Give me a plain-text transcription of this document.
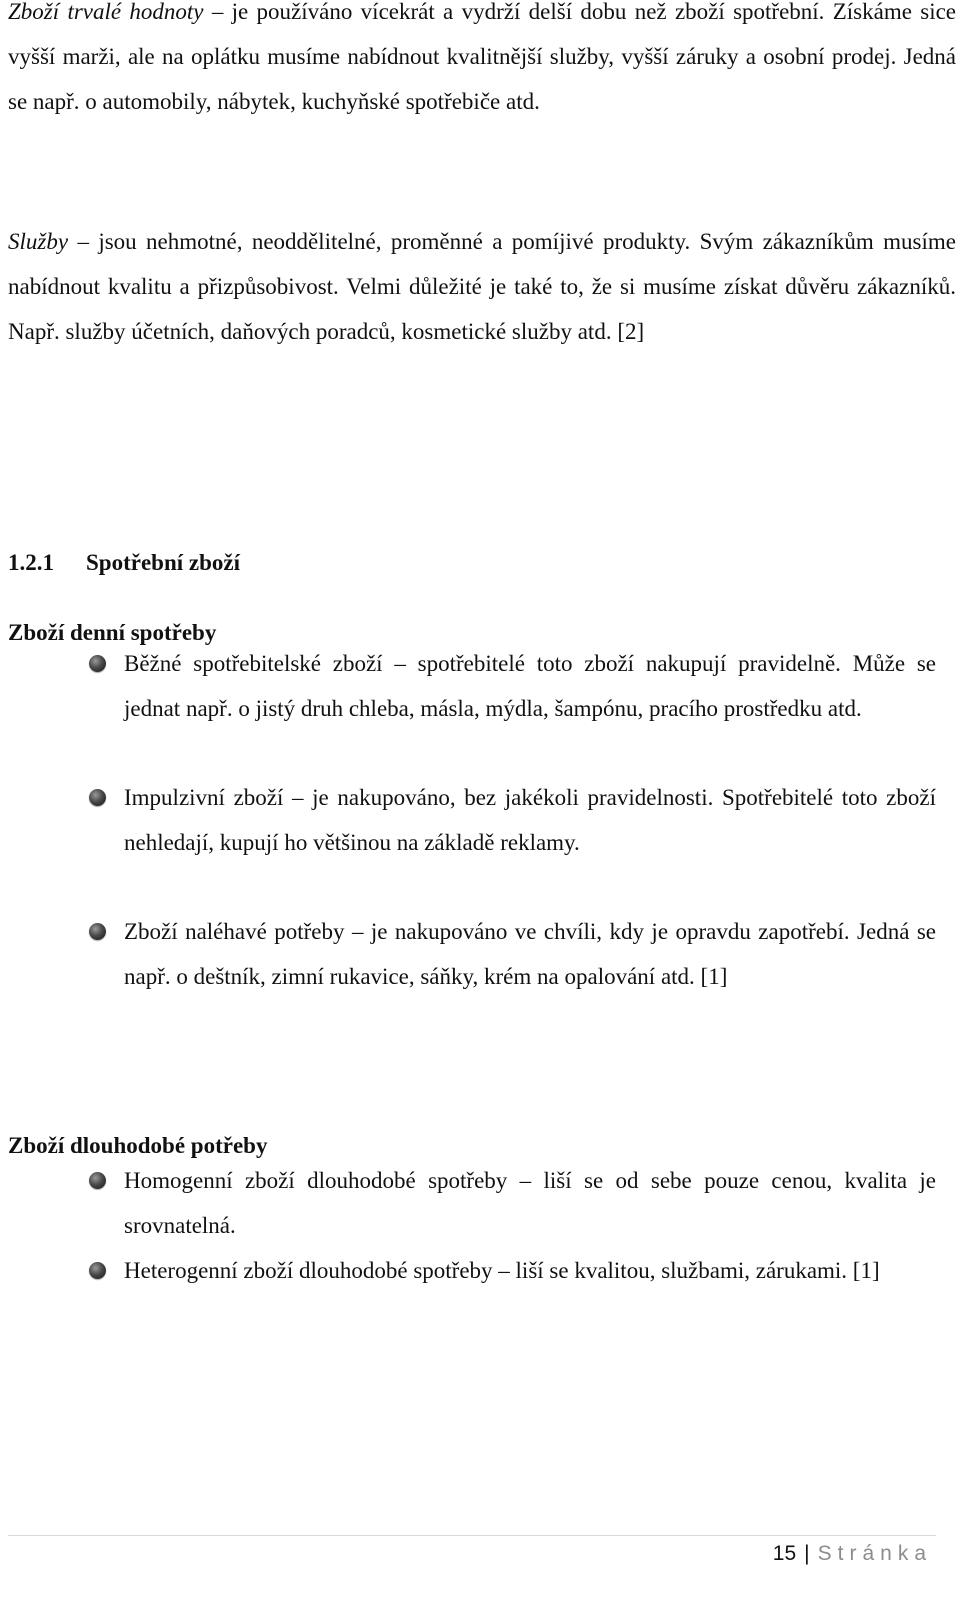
Zboží trvalé hodnoty – je používáno vícekrát a vydrží delší dobu než zboží spotřební. Získáme sice vyšší marži, ale na oplátku musíme nabídnout kvalitnější služby, vyšší záruky a osobní prodej. Jedná se např. o automobily, nábytek, kuchyňské spotřebiče atd.

Služby – jsou nehmotné, neoddělitelné, proměnné a pomíjivé produkty. Svým zákazníkům musíme nabídnout kvalitu a přizpůsobivost. Velmi důležité je také to, že si musíme získat důvěru zákazníků. Např. služby účetních, daňových poradců, kosmetické služby atd. [2]

1.2.1 Spotřební zboží
Zboží denní spotřeby
Běžné spotřebitelské zboží – spotřebitelé toto zboží nakupují pravidelně. Může se jednat např. o jistý druh chleba, másla, mýdla, šampónu, pracího prostředku atd.
Impulzivní zboží – je nakupováno, bez jakékoli pravidelnosti. Spotřebitelé toto zboží nehledají, kupují ho většinou na základě reklamy.
Zboží naléhavé potřeby – je nakupováno ve chvíli, kdy je opravdu zapotřebí. Jedná se např. o deštník, zimní rukavice, sáňky, krém na opalování atd. [1]
Zboží dlouhodobé potřeby
Homogenní zboží dlouhodobé spotřeby – liší se od sebe pouze cenou, kvalita je srovnatelná.
Heterogenní zboží dlouhodobé spotřeby – liší se kvalitou, službami, zárukami. [1]
15 | Stránka
